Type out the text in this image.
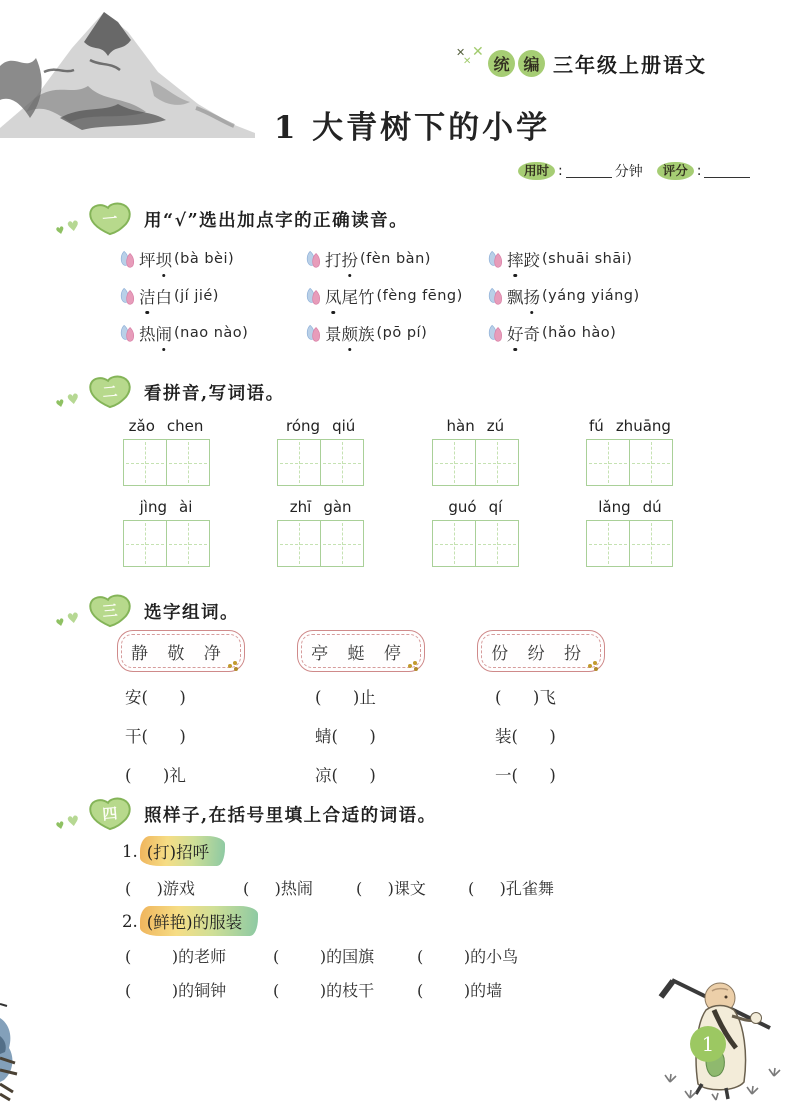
✕
✕
✕
统 编 三年级上册语文
1 大青树下的小学
用时 :	分钟	评分 :
♥ ♥	一	用“√”选出加点字的正确读音。
坪坝 (bà bèi)	打扮 (fèn bàn)	摔跤 (shuāi shāi)
洁白 (jí jié)	凤尾竹 (fèng fēng)	飘扬 (yáng yiáng)
热闹 (nao nào)	景颇族 (pō pí)	好奇 (hǎo hào)
♥ ♥	二	看拼音,写词语。
zǎo chen	róng qiú	hàn zú	fú zhuāng
jìng ài	zhī gàn	guó qí	lǎng dú
♥ ♥	三	选字组词。
静 敬 净	亭 蜓 停	份 纷 扮
安(      )	(      )止	(      )飞
干(      )	蜻(      )	装(      )
(      )礼	凉(      )	一(      )
♥ ♥	四	照样子,在括号里填上合适的词语。
1. (打)招呼
(     )游戏	(     )热闹	(     )课文	(     )孔雀舞
2. (鲜艳)的服装
(        )的老师	(        )的国旗	(        )的小鸟
(        )的铜钟	(        )的枝干	(        )的墙
1
